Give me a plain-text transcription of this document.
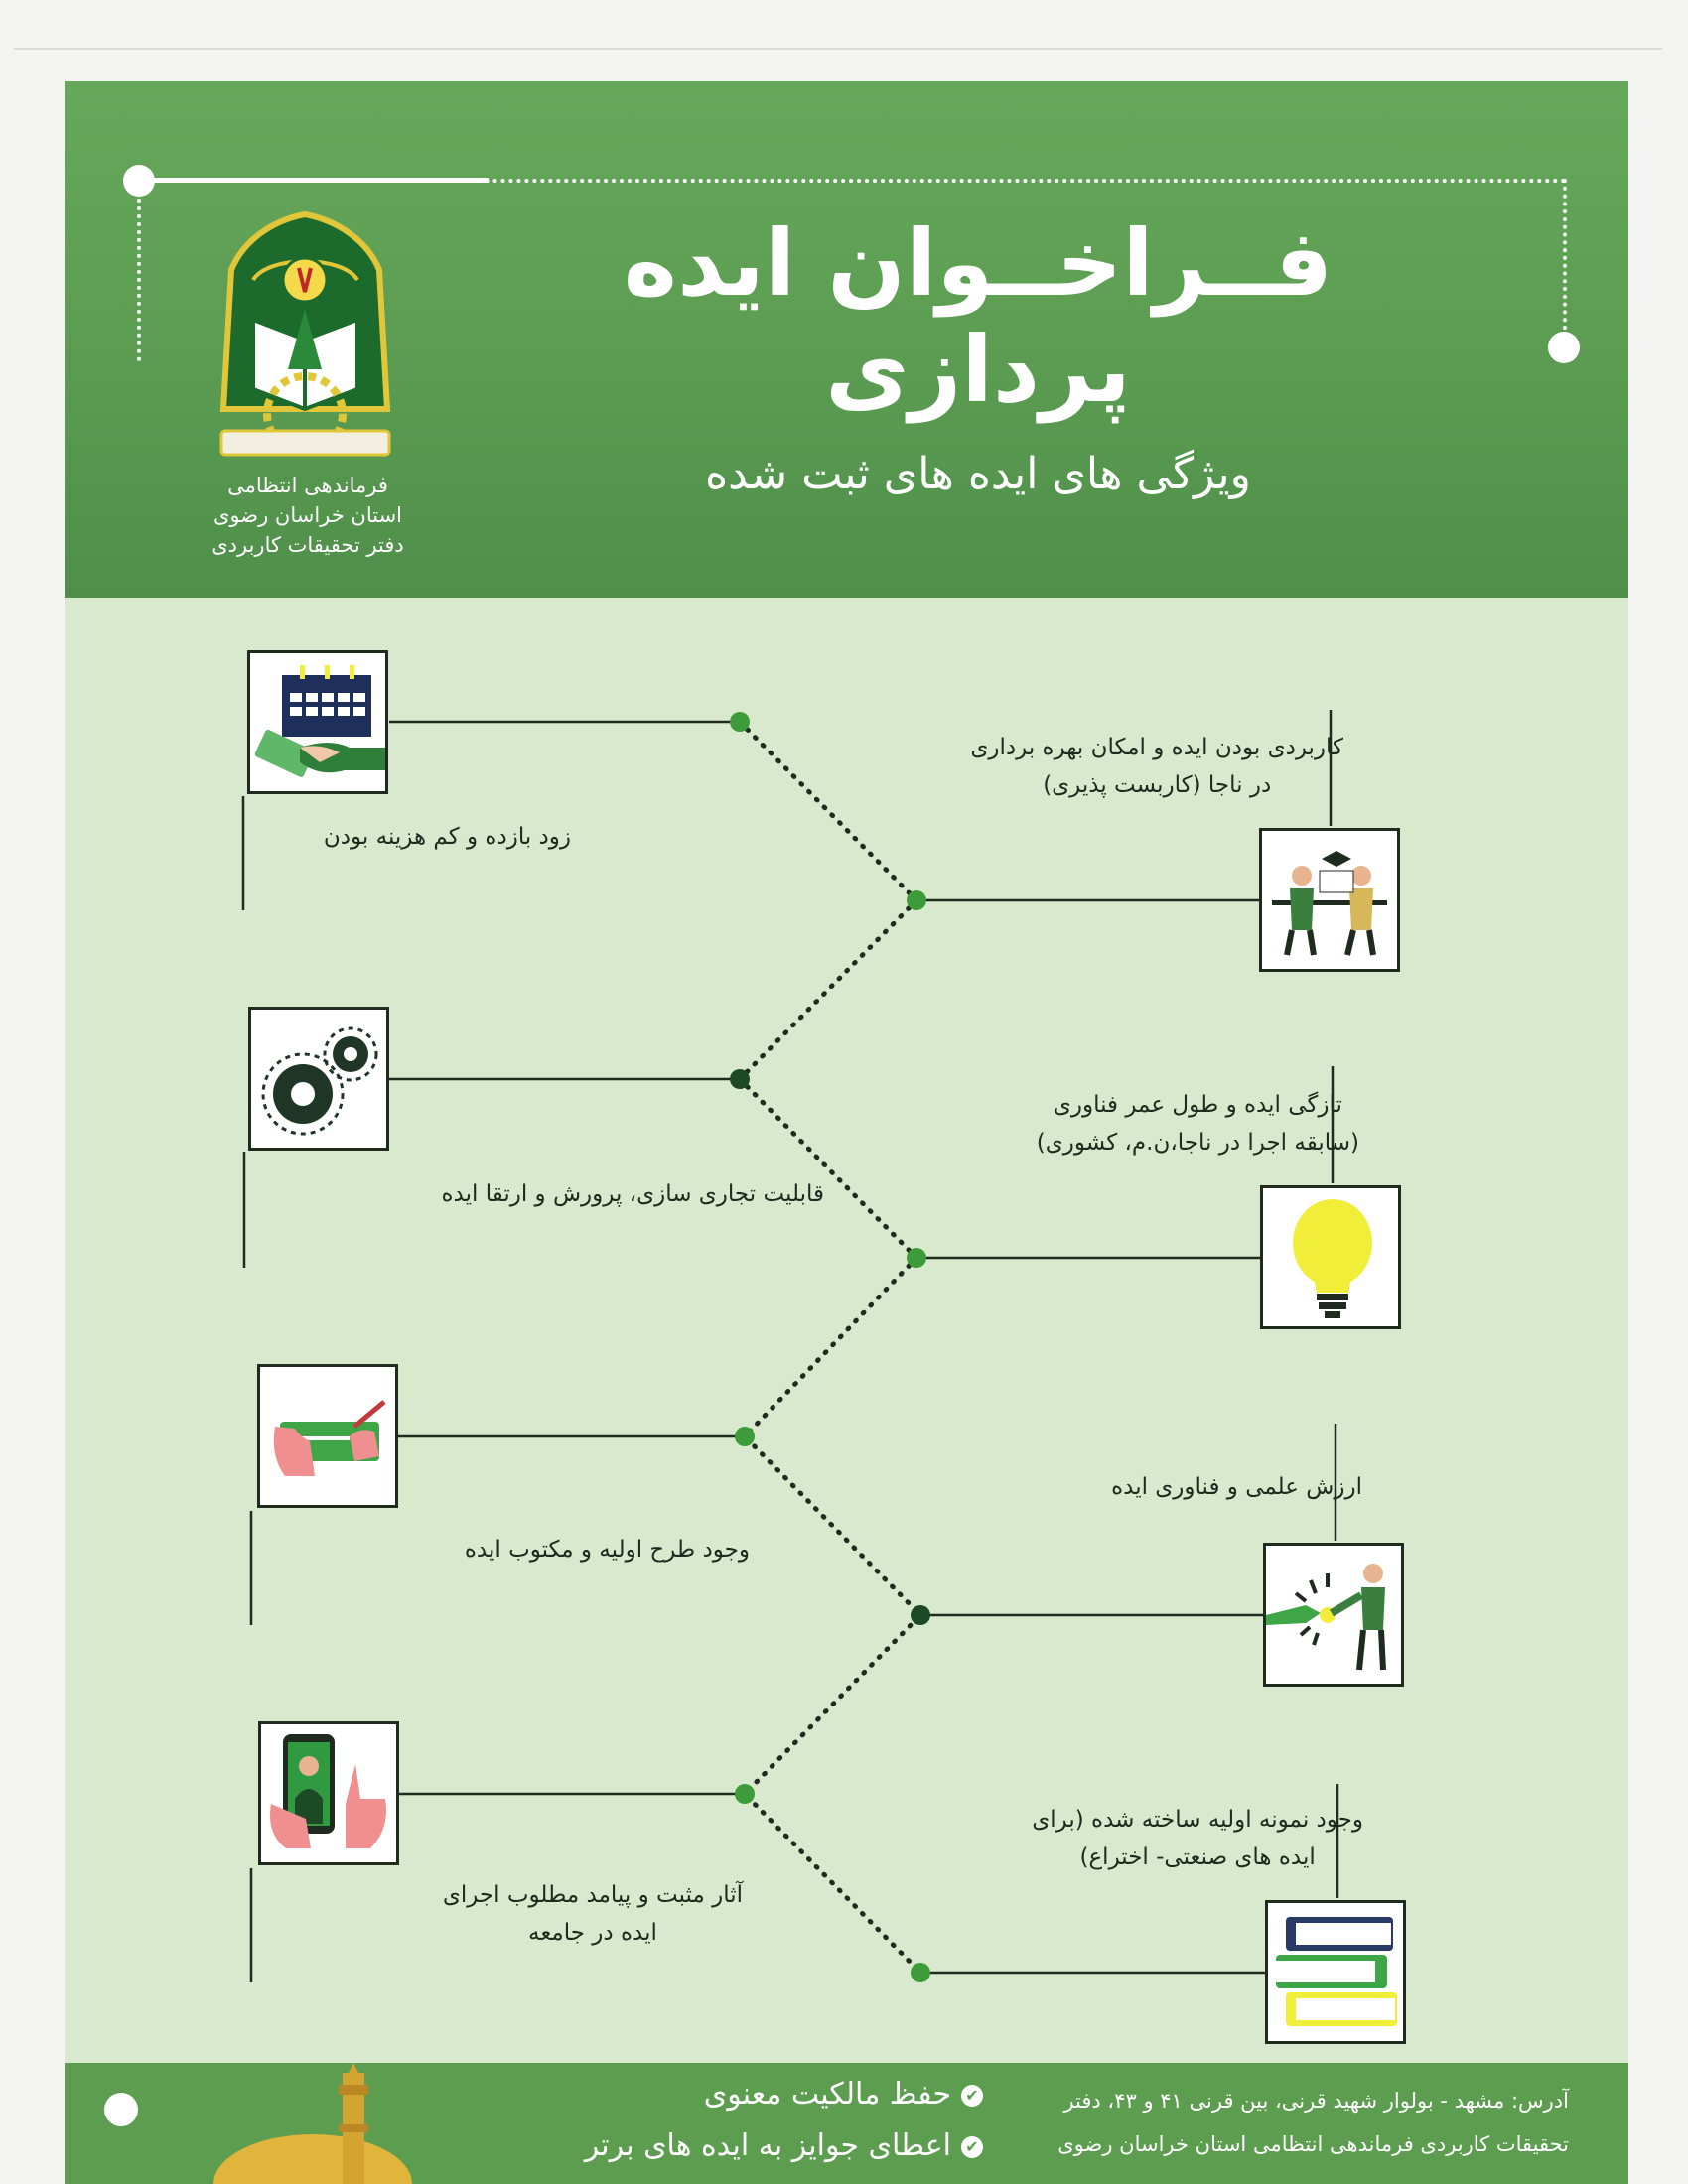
فرماندهی انتظامی
استان خراسان رضوی
دفتر تحقیقات کاربردی
فــراخــوان ایده پردازی
ویژگی های ایده های ثبت شده
زود بازده و کم هزینه بودن
قابلیت تجاری سازی، پرورش و ارتقا ایده
وجود طرح اولیه و مکتوب ایده
آثار مثبت و پیامد مطلوب اجرای
ایده در جامعه
کاربردی بودن ایده و امکان بهره برداری
در ناجا (کاربست پذیری)
تازگی ایده و طول عمر فناوری
(سابقه اجرا در ناجا،ن.م، کشوری)
ارزش علمی و فناوری ایده
وجود نمونه اولیه ساخته شده (برای
ایده های صنعتی- اختراع)
✔حفظ مالکیت معنوی
✔اعطای جوایز به ایده های برتر
آدرس: مشهد - بولوار شهید قرنی، بین قرنی ۴۱ و ۴۳، دفتر
تحقیقات کاربردی فرماندهی انتظامی استان خراسان رضوی
